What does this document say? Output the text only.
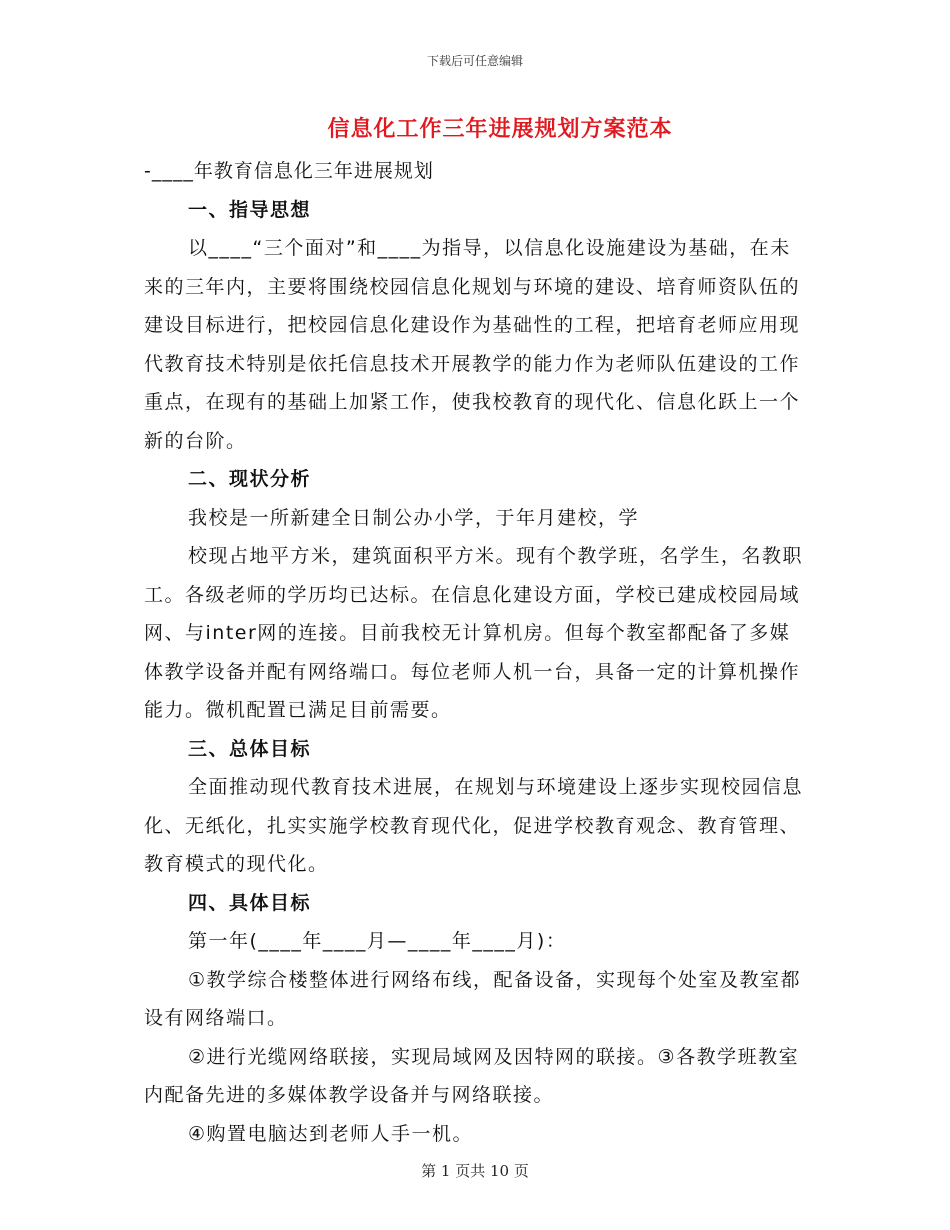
下载后可任意编辑
信息化工作三年进展规划方案范本

-____年教育信息化三年进展规划

一、指导思想

以____“三个面对”和____为指导，以信息化设施建设为基础，在未来的三年内，主要将围绕校园信息化规划与环境的建设、培育师资队伍的建设目标进行，把校园信息化建设作为基础性的工程，把培育老师应用现代教育技术特别是依托信息技术开展教学的能力作为老师队伍建设的工作重点，在现有的基础上加紧工作，使我校教育的现代化、信息化跃上一个新的台阶。

二、现状分析

我校是一所新建全日制公办小学，于年月建校，学

校现占地平方米，建筑面积平方米。现有个教学班，名学生，名教职工。各级老师的学历均已达标。在信息化建设方面，学校已建成校园局域网、与inter网的连接。目前我校无计算机房。但每个教室都配备了多媒体教学设备并配有网络端口。每位老师人机一台，具备一定的计算机操作能力。微机配置已满足目前需要。

三、总体目标

全面推动现代教育技术进展，在规划与环境建设上逐步实现校园信息化、无纸化，扎实实施学校教育现代化，促进学校教育观念、教育管理、教育模式的现代化。

四、具体目标

第一年(____年____月—____年____月)：

①教学综合楼整体进行网络布线，配备设备，实现每个处室及教室都设有网络端口。

②进行光缆网络联接，实现局域网及因特网的联接。③各教学班教室内配备先进的多媒体教学设备并与网络联接。

④购置电脑达到老师人手一机。

第 1 页共 10 页
